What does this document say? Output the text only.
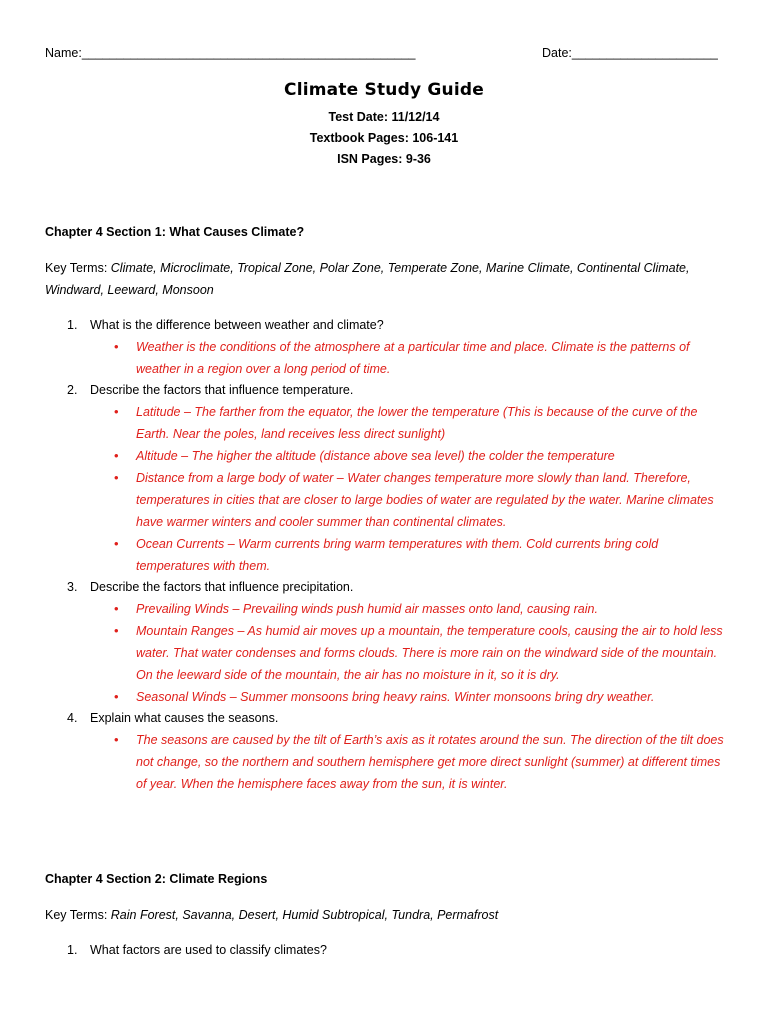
Name:________________________________________________	Date:_____________________
Climate Study Guide
Test Date: 11/12/14
Textbook Pages: 106-141
ISN Pages: 9-36
Chapter 4 Section 1: What Causes Climate?
Key Terms: Climate, Microclimate, Tropical Zone, Polar Zone, Temperate Zone, Marine Climate, Continental Climate, Windward, Leeward, Monsoon
1. What is the difference between weather and climate?
• Weather is the conditions of the atmosphere at a particular time and place. Climate is the patterns of weather in a region over a long period of time.
2. Describe the factors that influence temperature.
• Latitude – The farther from the equator, the lower the temperature (This is because of the curve of the Earth. Near the poles, land receives less direct sunlight)
• Altitude – The higher the altitude (distance above sea level) the colder the temperature
• Distance from a large body of water – Water changes temperature more slowly than land. Therefore, temperatures in cities that are closer to large bodies of water are regulated by the water. Marine climates have warmer winters and cooler summer than continental climates.
• Ocean Currents – Warm currents bring warm temperatures with them. Cold currents bring cold temperatures with them.
3. Describe the factors that influence precipitation.
• Prevailing Winds – Prevailing winds push humid air masses onto land, causing rain.
• Mountain Ranges – As humid air moves up a mountain, the temperature cools, causing the air to hold less water. That water condenses and forms clouds. There is more rain on the windward side of the mountain. On the leeward side of the mountain, the air has no moisture in it, so it is dry.
• Seasonal Winds – Summer monsoons bring heavy rains. Winter monsoons bring dry weather.
4. Explain what causes the seasons.
• The seasons are caused by the tilt of Earth’s axis as it rotates around the sun. The direction of the tilt does not change, so the northern and southern hemisphere get more direct sunlight (summer) at different times of year. When the hemisphere faces away from the sun, it is winter.
Chapter 4 Section 2: Climate Regions
Key Terms: Rain Forest, Savanna, Desert, Humid Subtropical, Tundra, Permafrost
1. What factors are used to classify climates?
